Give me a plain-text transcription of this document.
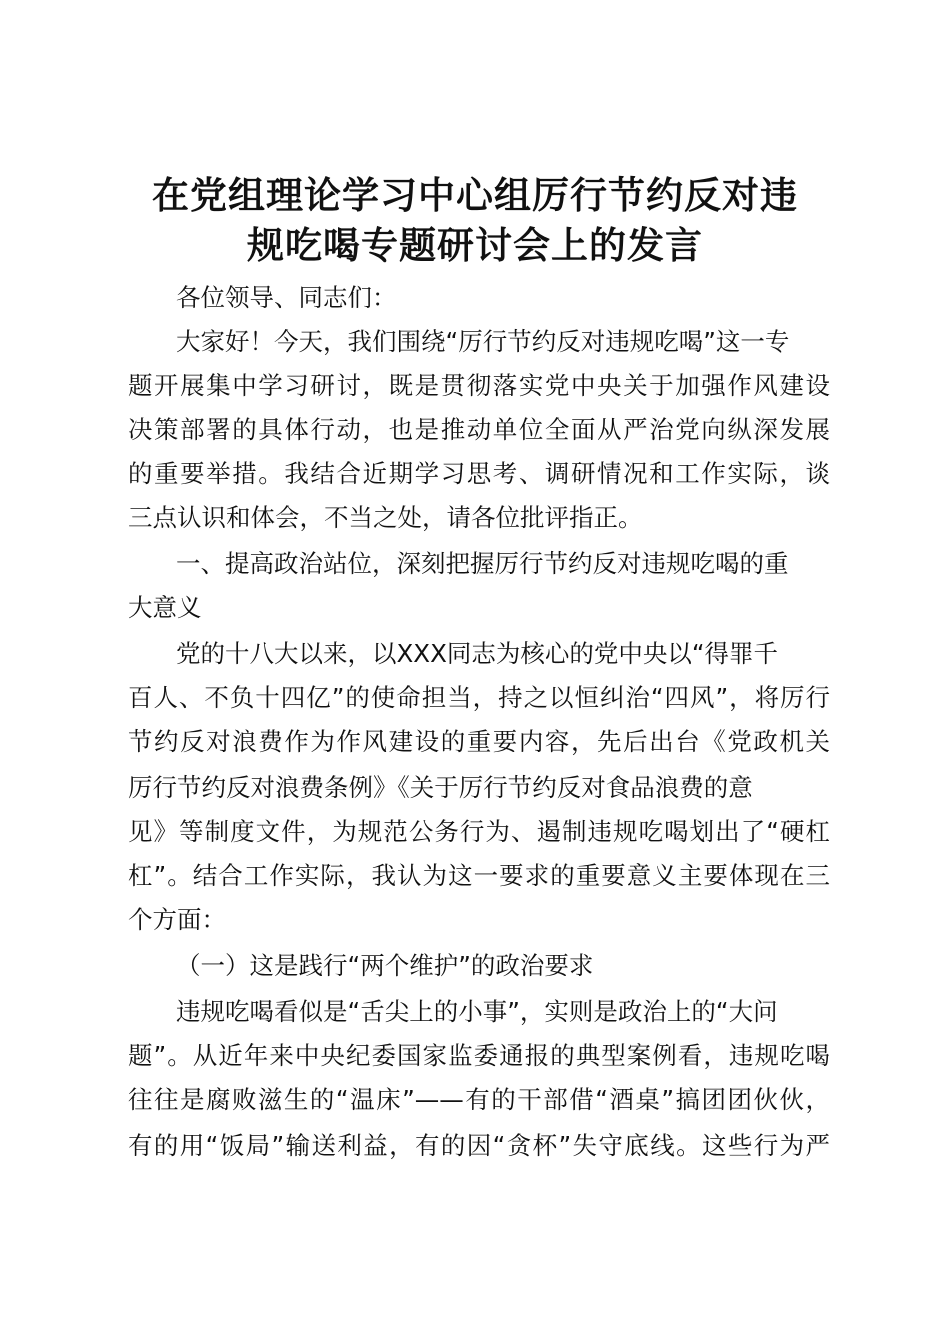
在党组理论学习中心组厉行节约反对违
规吃喝专题研讨会上的发言

各位领导、同志们：

大家好！今天，我们围绕“厉行节约反对违规吃喝”这一专

题开展集中学习研讨，既是贯彻落实党中央关于加强作风建设

决策部署的具体行动，也是推动单位全面从严治党向纵深发展

的重要举措。我结合近期学习思考、调研情况和工作实际，谈

三点认识和体会，不当之处，请各位批评指正。

一、提高政治站位，深刻把握厉行节约反对违规吃喝的重

大意义

党的十八大以来，以XXX同志为核心的党中央以“得罪千

百人、不负十四亿”的使命担当，持之以恒纠治“四风”，将厉行

节约反对浪费作为作风建设的重要内容，先后出台《党政机关

厉行节约反对浪费条例》《关于厉行节约反对食品浪费的意

见》等制度文件，为规范公务行为、遏制违规吃喝划出了“硬杠

杠”。结合工作实际，我认为这一要求的重要意义主要体现在三

个方面：

（一）这是践行“两个维护”的政治要求

违规吃喝看似是“舌尖上的小事”，实则是政治上的“大问

题”。从近年来中央纪委国家监委通报的典型案例看，违规吃喝

往往是腐败滋生的“温床”——有的干部借“酒桌”搞团团伙伙，

有的用“饭局”输送利益，有的因“贪杯”失守底线。这些行为严
